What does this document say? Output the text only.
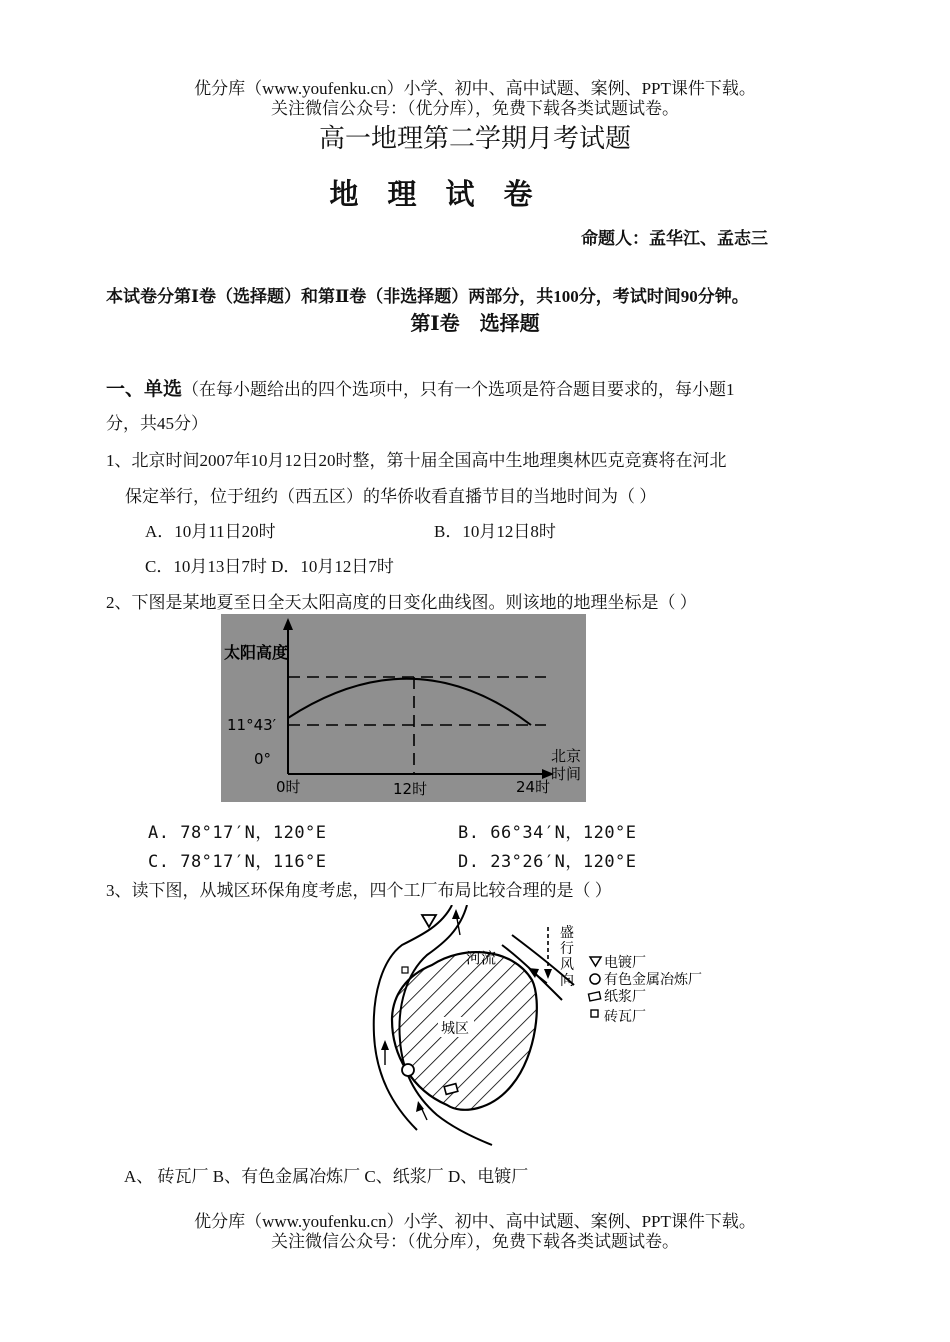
优分库（www.youfenku.cn）小学、初中、高中试题、案例、PPT课件下载。
关注微信公众号：（优分库），免费下载各类试题试卷。
高一地理第二学期月考试题
地　理　试　卷
命题人：孟华江、孟志三
本试卷分第Ⅰ卷（选择题）和第Ⅱ卷（非选择题）两部分，共100分，考试时间90分钟。
第Ⅰ卷　选择题
一、单选（在每小题给出的四个选项中，只有一个选项是符合题目要求的，每小题1
分，共45分）
1、北京时间2007年10月12日20时整，第十届全国高中生地理奥林匹克竞赛将在河北
保定举行，位于纽约（西五区）的华侨收看直播节目的当地时间为（ ）
A．10月11日20时	B．10月12日8时
C．10月13日7时 D．10月12日7时
2、下图是某地夏至日全天太阳高度的日变化曲线图。则该地的地理坐标是（ ）
太阳高度
11°43′
0°
0时	12时	24时
北京
时间
A. 78°17′N，120°E	B. 66°34′N，120°E
C. 78°17′N，116°E	D. 23°26′N，120°E
3、读下图，从城区环保角度考虑，四个工厂布局比较合理的是（ ）
河流
城区
盛
行
风
向
电镀厂
有色金属冶炼厂
纸浆厂
砖瓦厂
A、 砖瓦厂 B、有色金属冶炼厂 C、纸浆厂 D、电镀厂
优分库（www.youfenku.cn）小学、初中、高中试题、案例、PPT课件下载。
关注微信公众号：（优分库），免费下载各类试题试卷。
